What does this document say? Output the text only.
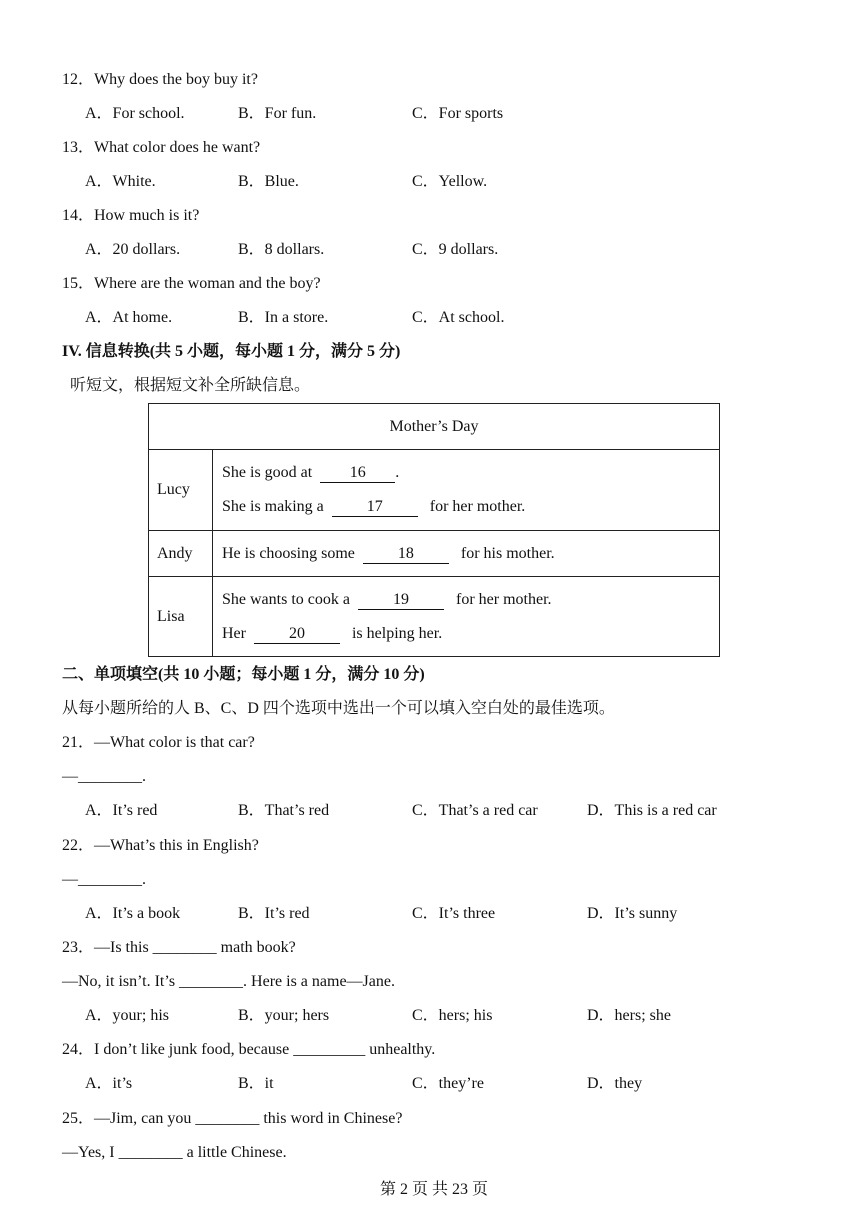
12．Why does the boy buy it?
A．For school.	B．For fun.	C．For sports
13．What color does he want?
A．White.	B．Blue.	C．Yellow.
14．How much is it?
A．20 dollars.	B．8 dollars.	C．9 dollars.
15．Where are the woman and the boy?
A．At home.	B．In a store.	C．At school.
IV. 信息转换(共 5 小题，每小题 1 分，满分 5 分)
听短文，根据短文补全所缺信息。
Mother’s Day	
Lucy	She is good at 16 .
She is making a 17 for her mother.

Andy	He is choosing some 18 for his mother.

Lisa	She wants to cook a 19 for her mother.
Her 20 is helping her.
二、单项填空(共 10 小题；每小题 1 分，满分 10 分)
从每小题所给的人 B、C、D 四个选项中选出一个可以填入空白处的最佳选项。
21．—What color is that car?
—________.
A．It’s red	B．That’s red	C．That’s a red car	D．This is a red car
22．—What’s this in English?
—________.
A．It’s a book	B．It’s red	C．It’s three	D．It’s sunny
23．—Is this ________ math book?
—No, it isn’t. It’s ________. Here is a name—Jane.
A．your; his	B．your; hers	C．hers; his	D．hers; she
24．I don’t like junk food, because _________ unhealthy.
A．it’s	B．it	C．they’re	D．they
25．—Jim, can you ________ this word in Chinese?
—Yes, I ________ a little Chinese.
第 2 页 共 23 页
